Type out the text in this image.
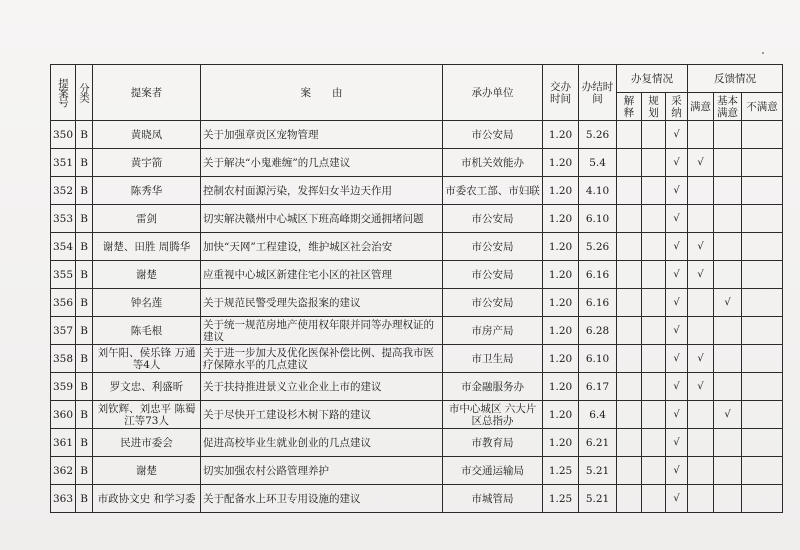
提案号	分类	提案者	案　　由	承办单位	交办时间	办结时间	办复情况			反馈情况		
							解释	规划	采纳	满意	基本满意	不满意
350	B	黄晓凤	关于加强章贡区宠物管理	市公安局	1.20	5.26			√			
351	B	黄宇箭	关于解决“小鬼难缠”的几点建议	市机关效能办	1.20	5.4			√	√		
352	B	陈秀华	控制农村面源污染，发挥妇女半边天作用	市委农工部、市妇联	1.20	4.10			√			
353	B	雷剑	切实解决赣州中心城区下班高峰期交通拥堵问题	市公安局	1.20	6.10			√			
354	B	谢楚、田胜 周腾华	加快“天网”工程建设，维护城区社会治安	市公安局	1.20	5.26			√	√		
355	B	谢楚	应重视中心城区新建住宅小区的社区管理	市公安局	1.20	6.16			√	√		
356	B	钟名莲	关于规范民警受理失盗报案的建议	市公安局	1.20	6.16			√		√	
357	B	陈毛根	关于统一规范房地产使用权年限并同等办理权证的建议	市房产局	1.20	6.28			√			
358	B	刘午阳、侯乐锋 万通等4人	关于进一步加大及优化医保补偿比例、提高我市医疗保障水平的几点建议	市卫生局	1.20	6.10			√	√		
359	B	罗文忠、利盛昕	关于扶持推进景义立业企业上市的建议	市金融服务办	1.20	6.17			√	√		
360	B	刘钦辉、刘忠平 陈蜀江等73人	关于尽快开工建设杉木树下路的建议	市中心城区 六大片区总指办	1.20	6.4			√		√	
361	B	民进市委会	促进高校毕业生就业创业的几点建议	市教育局	1.20	6.21			√			
362	B	谢楚	切实加强农村公路管理养护	市交通运输局	1.25	5.21			√			
363	B	市政协文史 和学习委	关于配备水上环卫专用设施的建议	市城管局	1.25	5.21			√			
